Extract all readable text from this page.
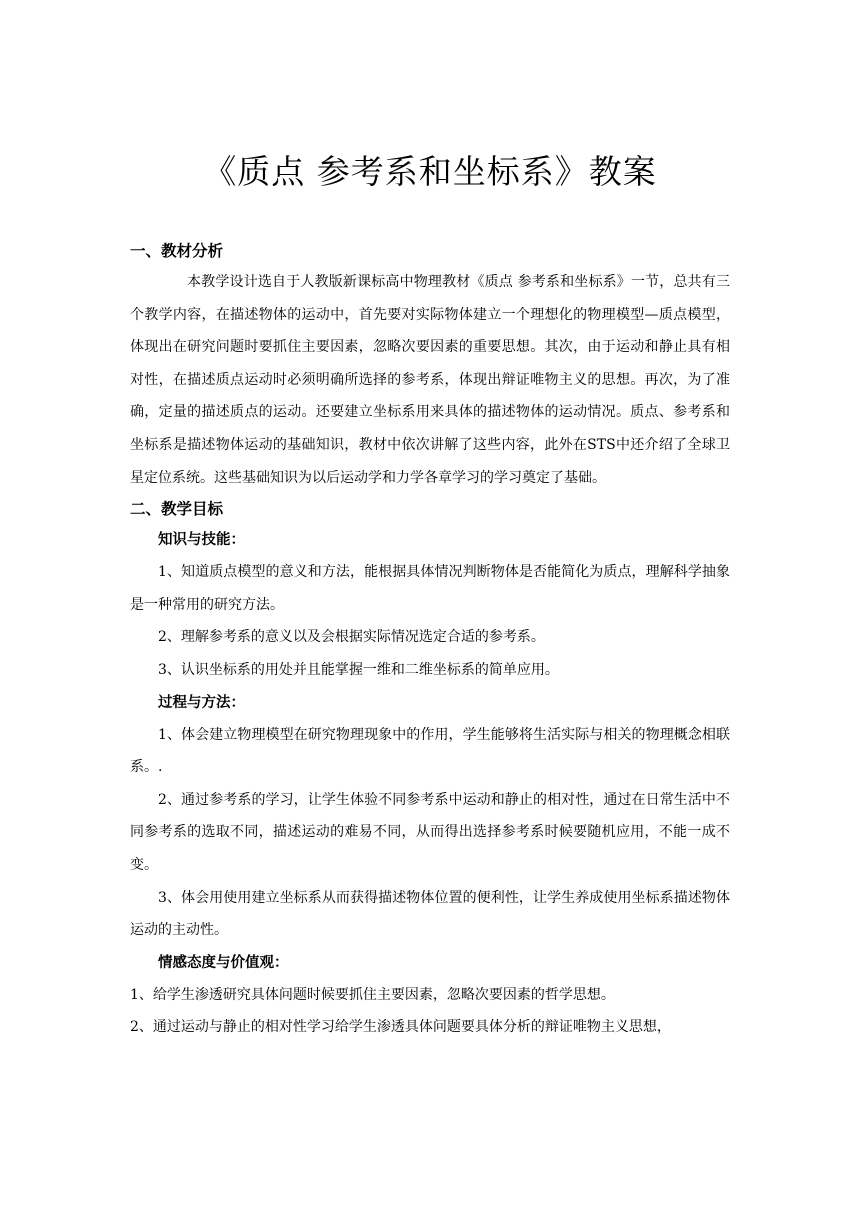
《质点 参考系和坐标系》教案
一、教材分析
本教学设计选自于人教版新课标高中物理教材《质点 参考系和坐标系》一节，总共有三个教学内容，在描述物体的运动中，首先要对实际物体建立一个理想化的物理模型—质点模型，体现出在研究问题时要抓住主要因素，忽略次要因素的重要思想。其次，由于运动和静止具有相对性，在描述质点运动时必须明确所选择的参考系，体现出辩证唯物主义的思想。再次，为了准确，定量的描述质点的运动。还要建立坐标系用来具体的描述物体的运动情况。质点、参考系和坐标系是描述物体运动的基础知识，教材中依次讲解了这些内容，此外在STS中还介绍了全球卫星定位系统。这些基础知识为以后运动学和力学各章学习的学习奠定了基础。
二、教学目标
知识与技能：
1、知道质点模型的意义和方法，能根据具体情况判断物体是否能简化为质点，理解科学抽象是一种常用的研究方法。
2、理解参考系的意义以及会根据实际情况选定合适的参考系。
3、认识坐标系的用处并且能掌握一维和二维坐标系的简单应用。
过程与方法：
1、体会建立物理模型在研究物理现象中的作用，学生能够将生活实际与相关的物理概念相联系。.
2、通过参考系的学习，让学生体验不同参考系中运动和静止的相对性，通过在日常生活中不同参考系的选取不同，描述运动的难易不同，从而得出选择参考系时候要随机应用，不能一成不变。
3、体会用使用建立坐标系从而获得描述物体位置的便利性，让学生养成使用坐标系描述物体运动的主动性。
情感态度与价值观：
1、给学生渗透研究具体问题时候要抓住主要因素，忽略次要因素的哲学思想。
2、通过运动与静止的相对性学习给学生渗透具体问题要具体分析的辩证唯物主义思想，
